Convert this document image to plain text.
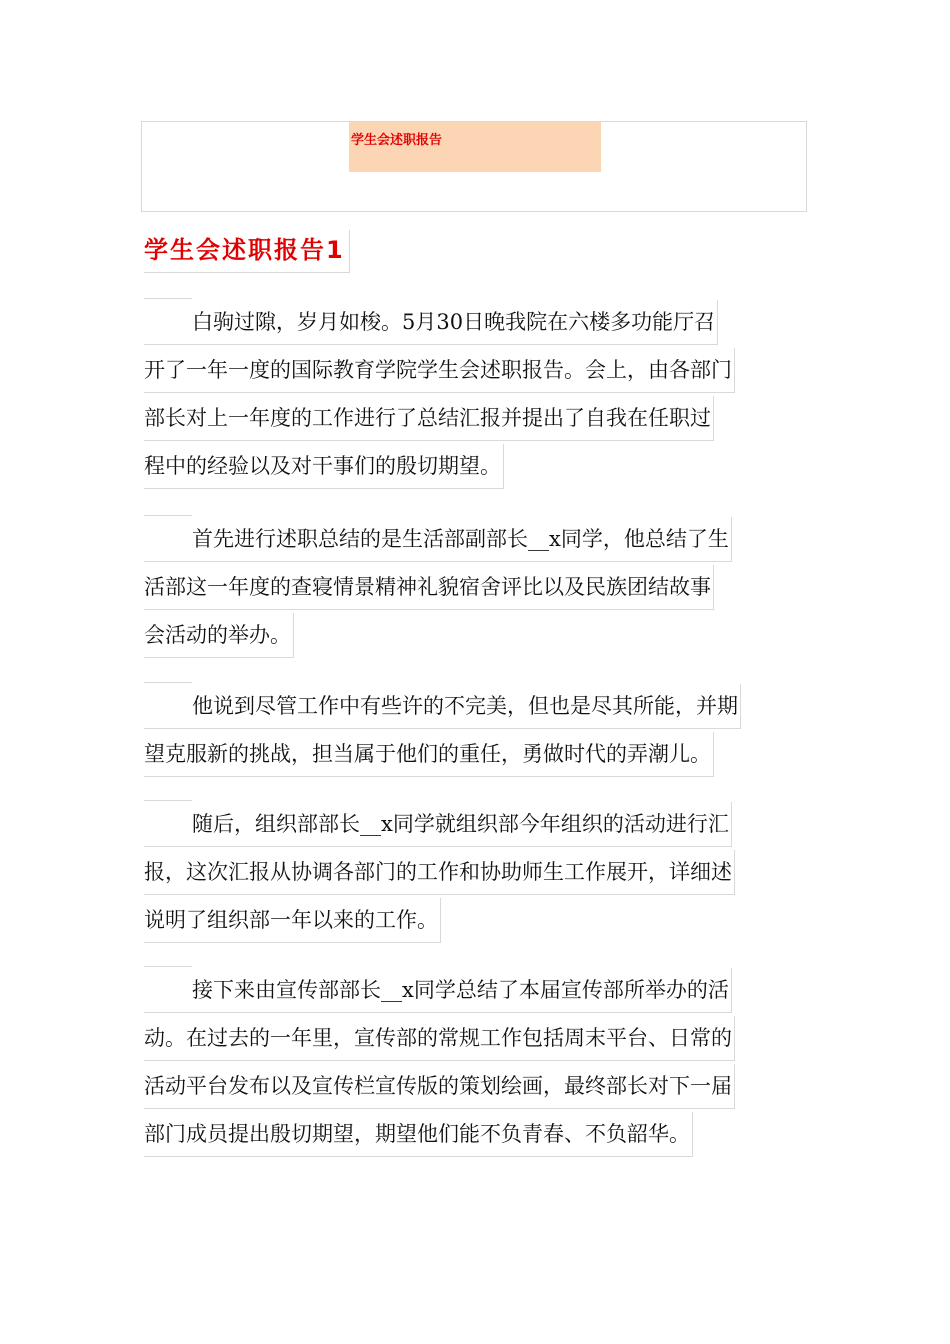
学生会述职报告
学生会述职报告1
白驹过隙，岁月如梭。5月30日晚我院在六楼多功能厅召
开了一年一度的国际教育学院学生会述职报告。会上，由各部门
部长对上一年度的工作进行了总结汇报并提出了自我在任职过
程中的经验以及对干事们的殷切期望。
首先进行述职总结的是生活部副部长__x同学，他总结了生
活部这一年度的查寝情景精神礼貌宿舍评比以及民族团结故事
会活动的举办。
他说到尽管工作中有些许的不完美，但也是尽其所能，并期
望克服新的挑战，担当属于他们的重任，勇做时代的弄潮儿。
随后，组织部部长__x同学就组织部今年组织的活动进行汇
报，这次汇报从协调各部门的工作和协助师生工作展开，详细述
说明了组织部一年以来的工作。
接下来由宣传部部长__x同学总结了本届宣传部所举办的活
动。在过去的一年里，宣传部的常规工作包括周末平台、日常的
活动平台发布以及宣传栏宣传版的策划绘画，最终部长对下一届
部门成员提出殷切期望，期望他们能不负青春、不负韶华。
